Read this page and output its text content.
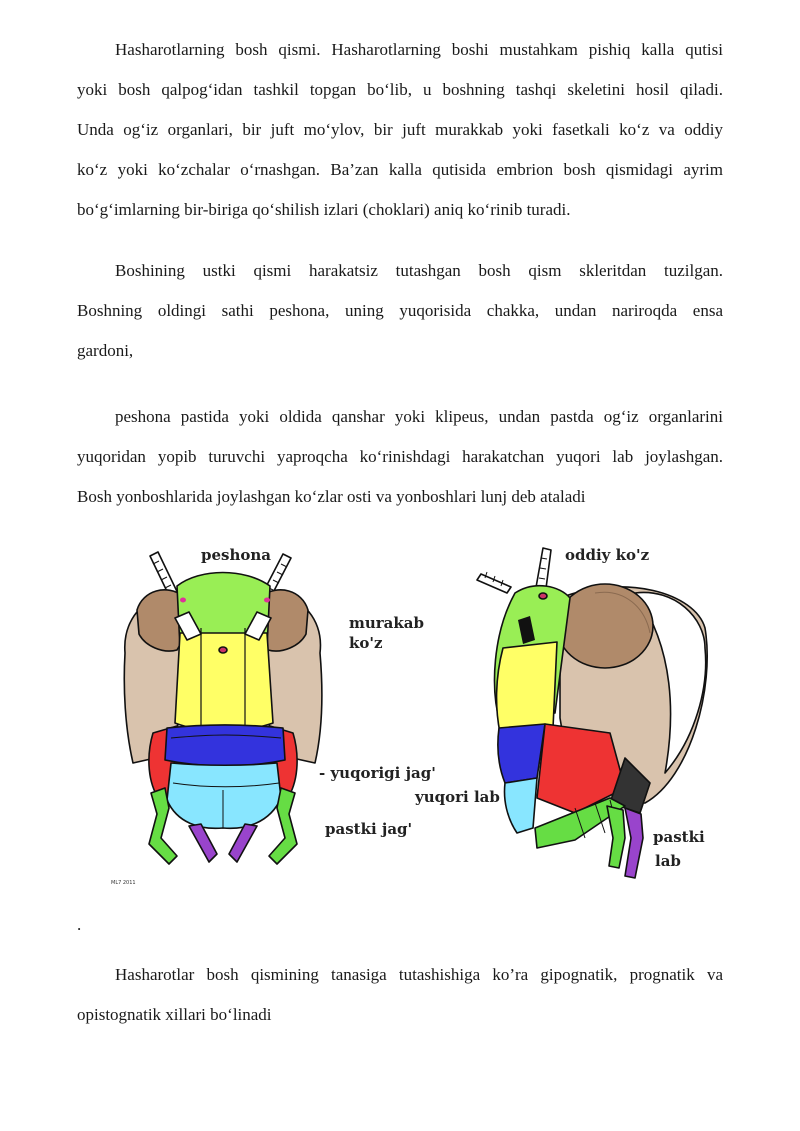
Hasharotlarning bosh qismi. Hasharotlarning boshi mustahkam pishiq kalla qutisi
yoki bosh qalpog‘idan tashkil topgan bo‘lib, u boshning tashqi skeletini hosil qiladi.
Unda og‘iz organlari, bir juft mo‘ylov, bir juft murakkab yoki fasetkali ko‘z va oddiy
ko‘z yoki ko‘zchalar o‘rnashgan. Ba’zan kalla qutisida embrion bosh qismidagi ayrim
bo‘g‘imlarning bir-biriga qo‘shilish izlari (choklari) aniq ko‘rinib turadi.

Boshining ustki qismi harakatsiz tutashgan bosh qism skleritdan tuzilgan.
Boshning oldingi sathi peshona, uning yuqorisida chakka, undan nariroqda ensa
gardoni,

peshona pastida yoki oldida qanshar yoki klipeus, undan pastda og‘iz organlarini
yuqoridan yopib turuvchi yaproqcha ko‘rinishdagi harakatchan yuqori lab joylashgan.
Bosh yonboshlarida joylashgan ko‘zlar osti va yonboshlari lunj deb ataladi

peshona
murakab
ko'z
- yuqorigi jag'
yuqori lab
pastki jag'
oddiy ko'z
pastki
lab
ML7 2011
.

Hasharotlar bosh qismining tanasiga tutashishiga ko’ra gipognatik, prognatik va
opistognatik xillari bo‘linadi
